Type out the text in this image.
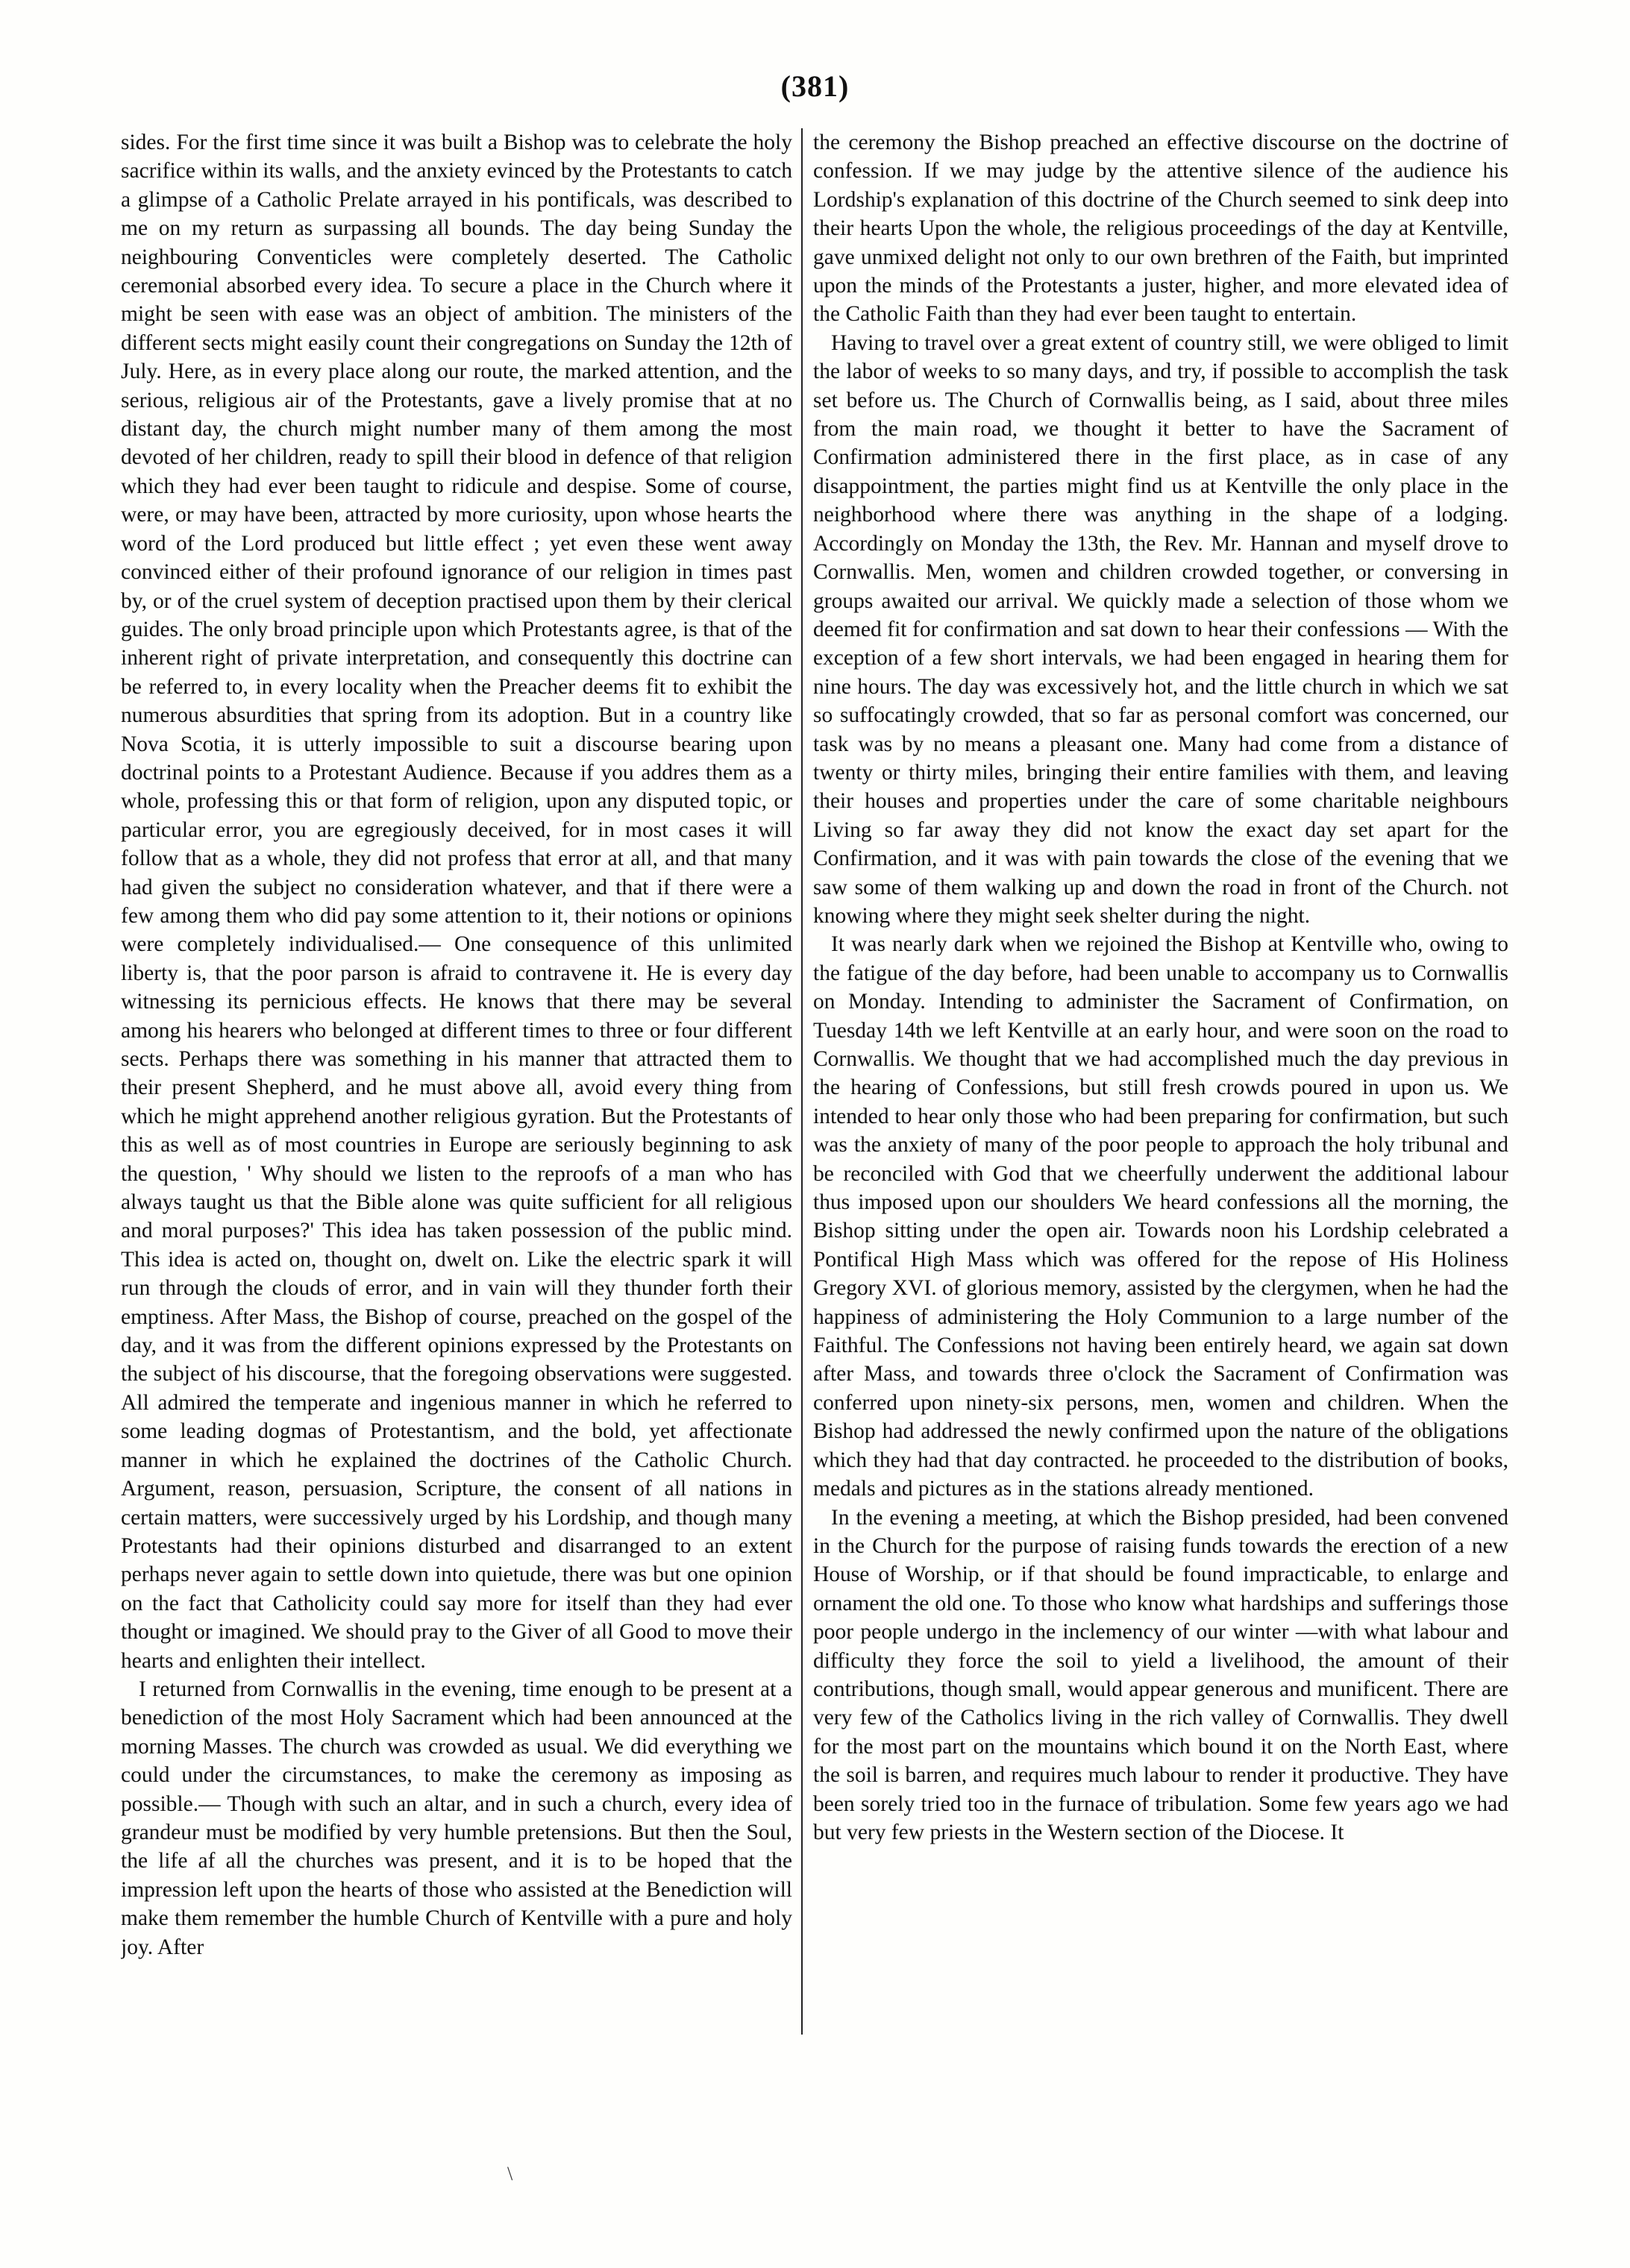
(381)

sides. For the first time since it was built a Bishop was to celebrate the holy sacrifice within its walls, and the anxiety evinced by the Protestants to catch a glimpse of a Catholic Prelate arrayed in his pontificals, was described to me on my return as surpassing all bounds. The day being Sunday the neighbouring Conventicles were completely deserted. The Catholic ceremonial absorbed every idea. To secure a place in the Church where it might be seen with ease was an object of ambition. The ministers of the different sects might easily count their congregations on Sunday the 12th of July. Here, as in every place along our route, the marked attention, and the serious, religious air of the Protestants, gave a lively promise that at no distant day, the church might number many of them among the most devoted of her children, ready to spill their blood in defence of that religion which they had ever been taught to ridicule and despise. Some of course, were, or may have been, attracted by more curiosity, upon whose hearts the word of the Lord produced but little effect ; yet even these went away convinced either of their profound ignorance of our religion in times past by, or of the cruel system of deception practised upon them by their clerical guides. The only broad principle upon which Protestants agree, is that of the inherent right of private interpretation, and consequently this doctrine can be referred to, in every locality when the Preacher deems fit to exhibit the numerous absurdities that spring from its adoption. But in a country like Nova Scotia, it is utterly impossible to suit a discourse bearing upon doctrinal points to a Protestant Audience. Because if you addres them as a whole, professing this or that form of religion, upon any disputed topic, or particular error, you are egregiously deceived, for in most cases it will follow that as a whole, they did not profess that error at all, and that many had given the subject no consideration whatever, and that if there were a few among them who did pay some attention to it, their notions or opinions were completely individualised.— One consequence of this unlimited liberty is, that the poor parson is afraid to contravene it. He is every day witnessing its pernicious effects. He knows that there may be several among his hearers who belonged at different times to three or four different sects. Perhaps there was something in his manner that attracted them to their present Shepherd, and he must above all, avoid every thing from which he might apprehend another religious gyration. But the Protestants of this as well as of most countries in Europe are seriously beginning to ask the question, ' Why should we listen to the reproofs of a man who has always taught us that the Bible alone was quite sufficient for all religious and moral purposes?' This idea has taken possession of the public mind. This idea is acted on, thought on, dwelt on. Like the electric spark it will run through the clouds of error, and in vain will they thunder forth their emptiness. After Mass, the Bishop of course, preached on the gospel of the day, and it was from the different opinions expressed by the Protestants on the subject of his discourse, that the foregoing observations were suggested. All admired the temperate and ingenious manner in which he referred to some leading dogmas of Protestantism, and the bold, yet affectionate manner in which he explained the doctrines of the Catholic Church. Argument, reason, persuasion, Scripture, the consent of all nations in certain matters, were successively urged by his Lordship, and though many Protestants had their opinions disturbed and disarranged to an extent perhaps never again to settle down into quietude, there was but one opinion on the fact that Catholicity could say more for itself than they had ever thought or imagined. We should pray to the Giver of all Good to move their hearts and enlighten their intellect.

I returned from Cornwallis in the evening, time enough to be present at a benediction of the most Holy Sacrament which had been announced at the morning Masses. The church was crowded as usual. We did everything we could under the circumstances, to make the ceremony as imposing as possible.— Though with such an altar, and in such a church, every idea of grandeur must be modified by very humble pretensions. But then the Soul, the life af all the churches was present, and it is to be hoped that the impression left upon the hearts of those who assisted at the Benediction will make them remember the humble Church of Kentville with a pure and holy joy. After

the ceremony the Bishop preached an effective discourse on the doctrine of confession. If we may judge by the attentive silence of the audience his Lordship's explanation of this doctrine of the Church seemed to sink deep into their hearts Upon the whole, the religious proceedings of the day at Kentville, gave unmixed delight not only to our own brethren of the Faith, but imprinted upon the minds of the Protestants a juster, higher, and more elevated idea of the Catholic Faith than they had ever been taught to entertain.

Having to travel over a great extent of country still, we were obliged to limit the labor of weeks to so many days, and try, if possible to accomplish the task set before us. The Church of Cornwallis being, as I said, about three miles from the main road, we thought it better to have the Sacrament of Confirmation administered there in the first place, as in case of any disappointment, the parties might find us at Kentville the only place in the neighborhood where there was anything in the shape of a lodging. Accordingly on Monday the 13th, the Rev. Mr. Hannan and myself drove to Cornwallis. Men, women and children crowded together, or conversing in groups awaited our arrival. We quickly made a selection of those whom we deemed fit for confirmation and sat down to hear their confessions — With the exception of a few short intervals, we had been engaged in hearing them for nine hours. The day was excessively hot, and the little church in which we sat so suffocatingly crowded, that so far as personal comfort was concerned, our task was by no means a pleasant one. Many had come from a distance of twenty or thirty miles, bringing their entire families with them, and leaving their houses and properties under the care of some charitable neighbours Living so far away they did not know the exact day set apart for the Confirmation, and it was with pain towards the close of the evening that we saw some of them walking up and down the road in front of the Church. not knowing where they might seek shelter during the night.

It was nearly dark when we rejoined the Bishop at Kentville who, owing to the fatigue of the day before, had been unable to accompany us to Cornwallis on Monday. Intending to administer the Sacrament of Confirmation, on Tuesday 14th we left Kentville at an early hour, and were soon on the road to Cornwallis. We thought that we had accomplished much the day previous in the hearing of Confessions, but still fresh crowds poured in upon us. We intended to hear only those who had been preparing for confirmation, but such was the anxiety of many of the poor people to approach the holy tribunal and be reconciled with God that we cheerfully underwent the additional labour thus imposed upon our shoulders We heard confessions all the morning, the Bishop sitting under the open air. Towards noon his Lordship celebrated a Pontifical High Mass which was offered for the repose of His Holiness Gregory XVI. of glorious memory, assisted by the clergymen, when he had the happiness of administering the Holy Communion to a large number of the Faithful. The Confessions not having been entirely heard, we again sat down after Mass, and towards three o'clock the Sacrament of Confirmation was conferred upon ninety-six persons, men, women and children. When the Bishop had addressed the newly confirmed upon the nature of the obligations which they had that day contracted. he proceeded to the distribution of books, medals and pictures as in the stations already mentioned.

In the evening a meeting, at which the Bishop presided, had been convened in the Church for the purpose of raising funds towards the erection of a new House of Worship, or if that should be found impracticable, to enlarge and ornament the old one. To those who know what hardships and sufferings those poor people undergo in the inclemency of our winter —with what labour and difficulty they force the soil to yield a livelihood, the amount of their contributions, though small, would appear generous and munificent. There are very few of the Catholics living in the rich valley of Cornwallis. They dwell for the most part on the mountains which bound it on the North East, where the soil is barren, and requires much labour to render it productive. They have been sorely tried too in the furnace of tribulation. Some few years ago we had but very few priests in the Western section of the Diocese. It

\
